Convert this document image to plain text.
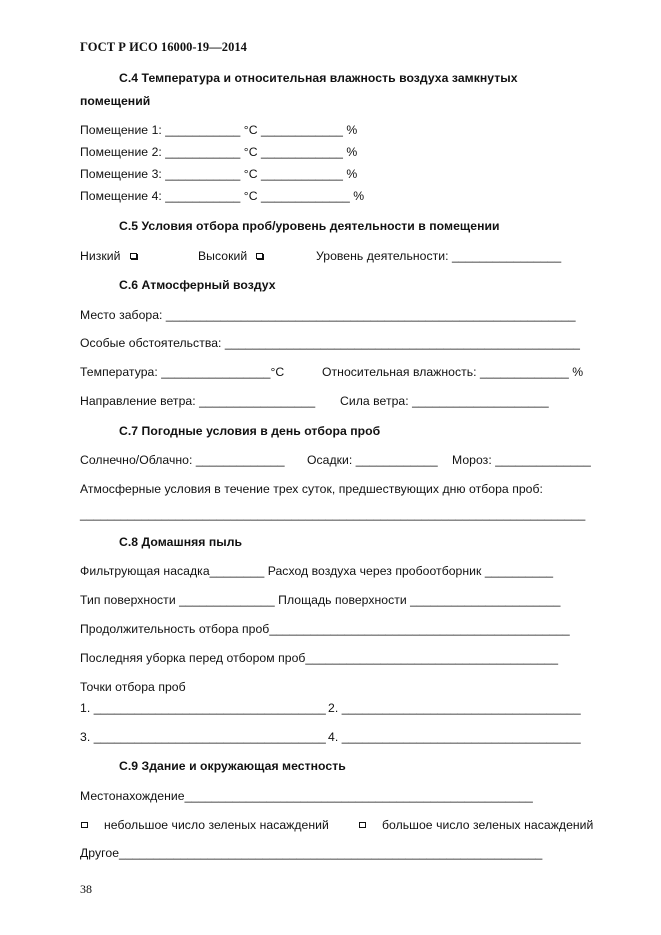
ГОСТ Р ИСО 16000-19—2014
С.4 Температура и относительная влажность воздуха замкнутых
помещений
Помещение 1: ___________ °C ____________ %
Помещение 2: ___________ °C ____________ %
Помещение 3: ___________ °C ____________ %
Помещение 4: ___________ °C _____________ %
С.5 Условия отбора проб/уровень деятельности в помещении
Низкий	Высокий	Уровень деятельности: ________________
С.6 Атмосферный воздух
Место забора: ____________________________________________________________
Особые обстоятельства: ____________________________________________________
Температура: ________________°C	Относительная влажность: _____________ %
Направление ветра: _________________ Сила ветра: ____________________
С.7 Погодные условия в день отбора проб
Солнечно/Облачно: _____________ Осадки: ____________ Мороз: ______________
Атмосферные условия в течение трех суток, предшествующих дню отбора проб:
__________________________________________________________________________
С.8 Домашняя пыль
Фильтрующая насадка________ Расход воздуха через пробоотборник __________
Тип поверхности ______________ Площадь поверхности ______________________
Продолжительность отбора проб____________________________________________
Последняя уборка перед отбором проб_____________________________________
Точки отбора проб
1. __________________________________ 2. ___________________________________
3. __________________________________ 4. ___________________________________
С.9 Здание и окружающая местность
Местонахождение___________________________________________________
небольшое число зеленых насаждений	большое число зеленых насаждений
Другое______________________________________________________________
38
